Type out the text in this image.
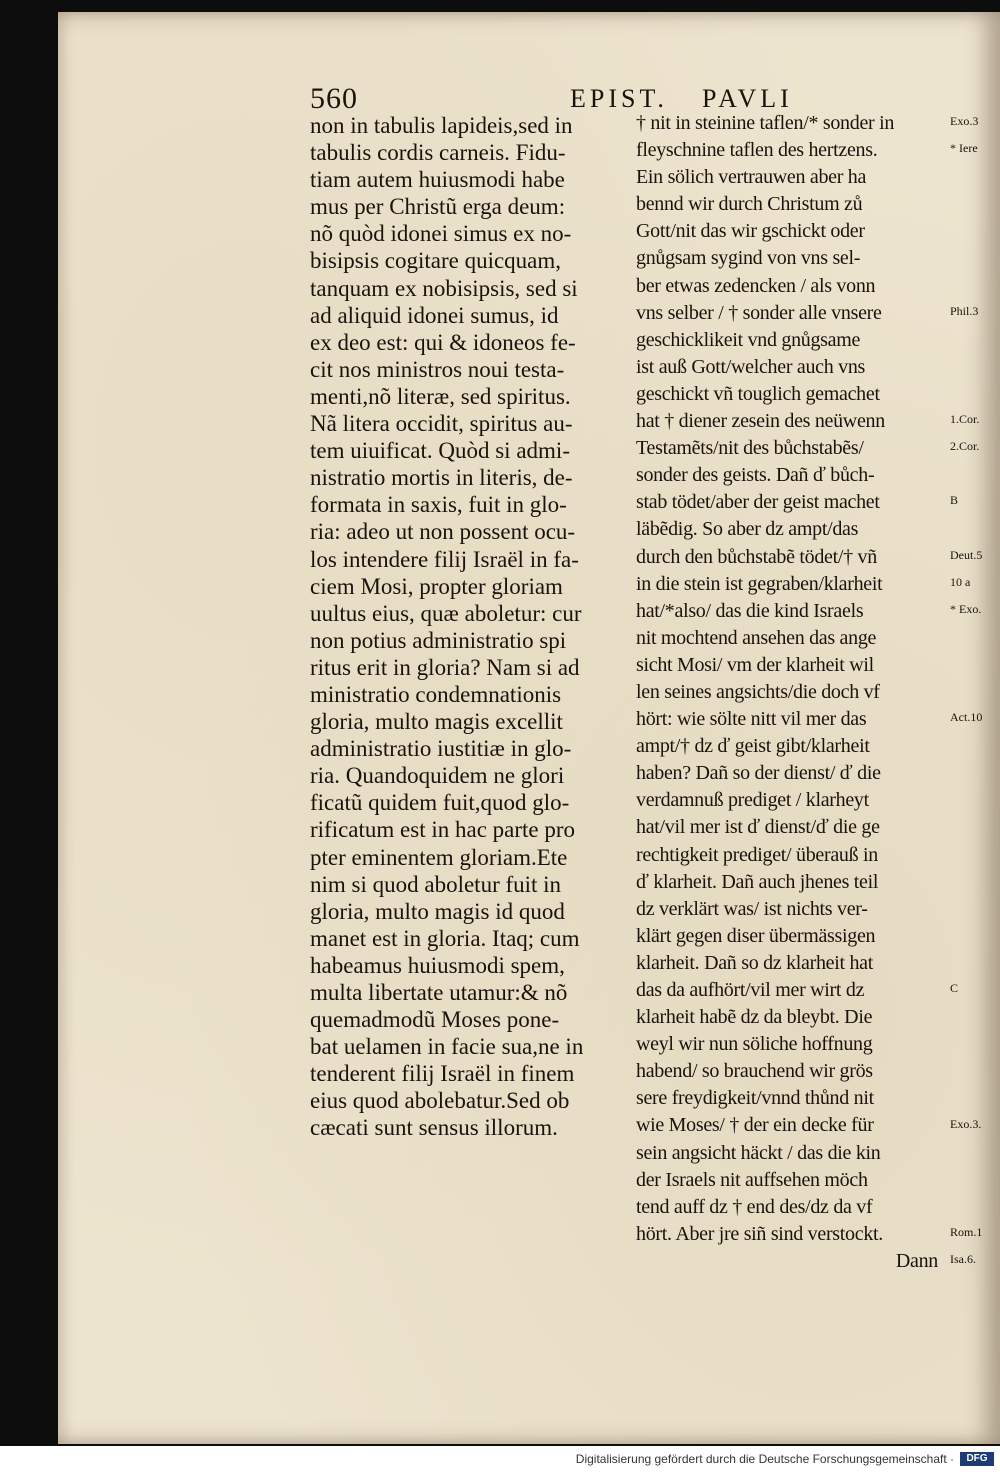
560	EPIST. PAVLI
non in tabulis lapideis,sed in
tabulis cordis carneis. Fidu-
tiam autem huiusmodi habe
mus per Christũ erga deum:
nõ quòd idonei simus ex no-
bisipsis cogitare quicquam,
tanquam ex nobisipsis, sed si
ad aliquid idonei sumus, id
ex deo est: qui & idoneos fe-
cit nos ministros noui testa-
menti,nõ literæ, sed spiritus.
Nã litera occidit, spiritus au-
tem uiuificat. Quòd si admi-
nistratio mortis in literis, de-
formata in saxis, fuit in glo-
ria: adeo ut non possent ocu-
los intendere filij Israël in fa-
ciem Mosi, propter gloriam
uultus eius, quæ aboletur: cur
non potius administratio spi
ritus erit in gloria? Nam si ad
ministratio condemnationis
gloria, multo magis excellit
administratio iustitiæ in glo-
ria. Quandoquidem ne glori
ficatũ quidem fuit,quod glo-
rificatum est in hac parte pro
pter eminentem gloriam.Ete
nim si quod aboletur fuit in
gloria, multo magis id quod
manet est in gloria. Itaq; cum
habeamus huiusmodi spem,
multa libertate utamur:& nõ
quemadmodũ Moses pone-
bat uelamen in facie sua,ne in
tenderent filij Israël in finem
eius quod abolebatur.Sed ob
cæcati sunt sensus illorum.
† nit in steinine taflen/* sonder in
fleyschnine taflen des hertzens.
Ein sölich vertrauwen aber ha
bennd wir durch Christum zů
Gott/nit das wir gschickt oder
gnůgsam sygind von vns sel-
ber etwas zedencken / als vonn
vns selber / † sonder alle vnsere
geschicklikeit vnd gnůgsame
ist auß Gott/welcher auch vns
geschickt vñ touglich gemachet
hat † diener zesein des neüwenn
Testamẽts/nit des bůchstabẽs/
sonder des geists. Dañ ď bůch-
stab tödet/aber der geist machet
läbẽdig. So aber dz ampt/das
durch den bůchstabẽ tödet/† vñ
in die stein ist gegraben/klarheit
hat/*also/ das die kind Israels
nit mochtend ansehen das ange
sicht Mosi/ vm der klarheit wil
len seines angsichts/die doch vf
hört: wie sölte nitt vil mer das
ampt/† dz ď geist gibt/klarheit
haben? Dañ so der dienst/ ď die
verdamnuß prediget / klarheyt
hat/vil mer ist ď dienst/ď die ge
rechtigkeit prediget/ überauß in
ď klarheit. Dañ auch jhenes teil
dz verklärt was/ ist nichts ver-
klärt gegen diser übermässigen
klarheit. Dañ so dz klarheit hat
das da aufhört/vil mer wirt dz
klarheit habẽ dz da bleybt. Die
weyl wir nun söliche hoffnung
habend/ so brauchend wir grös
sere freydigkeit/vnnd thůnd nit
wie Moses/ † der ein decke für
sein angsicht häckt / das die kin
der Israels nit auffsehen möch
tend auff dz † end des/dz da vf
hört. Aber jre siñ sind verstockt.
Dann
Exo.3
* Iere
Phil.3
1.Cor.
2.Cor.
B
Deut.5
10 a
* Exo.
Act.10
C
Exo.3.
Rom.1
Isa.6.
Digitalisierung gefördert durch die Deutsche Forschungsgemeinschaft ·	DFG
